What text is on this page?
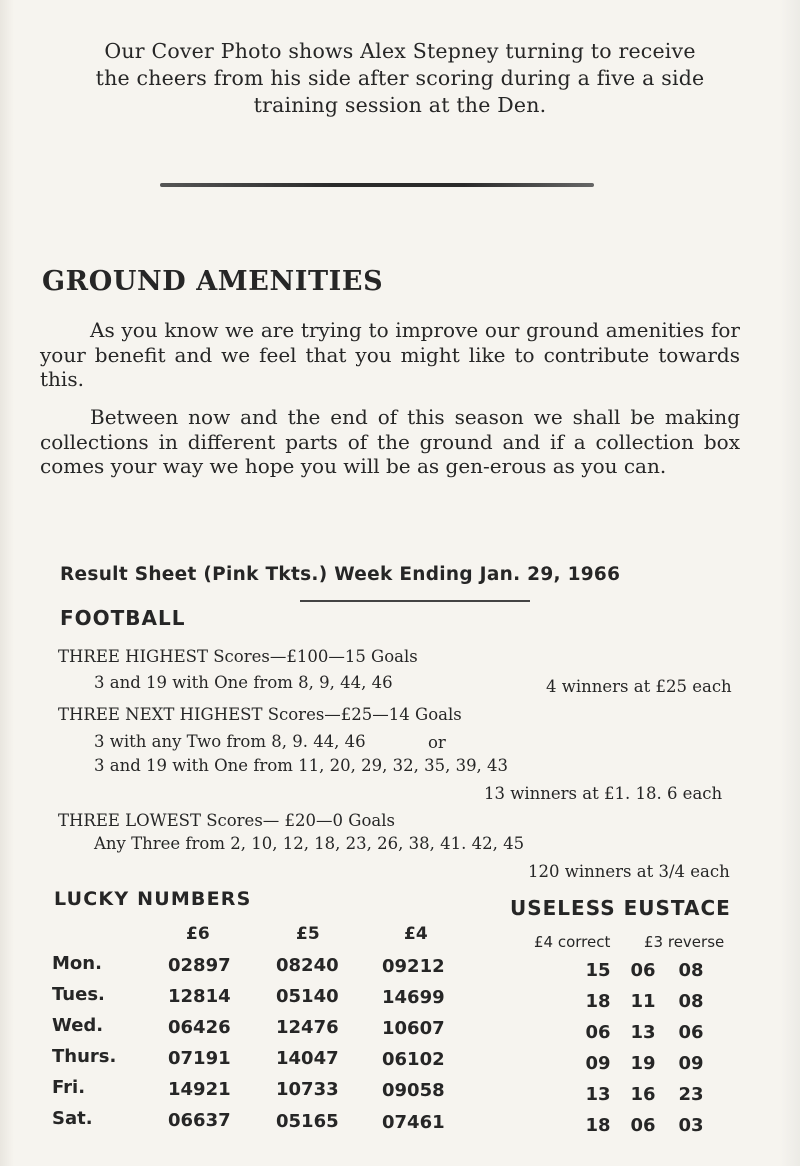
Our Cover Photo shows Alex Stepney turning to receive
the cheers from his side after scoring during a five a side
training session at the Den.
GROUND AMENITIES
As you know we are trying to improve our ground amenities for your benefit and we feel that you might like to contribute towards this.
Between now and the end of this season we shall be making collections in different parts of the ground and if a collection box comes your way we hope you will be as gen-erous as you can.
Result Sheet (Pink Tkts.) Week Ending Jan. 29, 1966
FOOTBALL
THREE HIGHEST Scores—£100—15 Goals
3 and 19 with One from 8, 9, 44, 46	4 winners at £25 each
THREE NEXT HIGHEST Scores—£25—14 Goals
3 with any Two from 8, 9. 44, 46	or
3 and 19 with One from 11, 20, 29, 32, 35, 39, 43
13 winners at £1. 18. 6 each
THREE LOWEST Scores— £20—0 Goals
Any Three from 2, 10, 12, 18, 23, 26, 38, 41. 42, 45
120 winners at 3/4 each
LUCKY NUMBERS
£6	£5	£4
Mon.	02897	08240 09212
Tues.	12814	05140 14699
Wed.	06426	12476 10607
Thurs.	07191	14047 06102
Fri.	14921	10733 09058
Sat.	06637	05165 07461
USELESS EUSTACE
£4 correct £3 reverse
15 06 08
18 11 08
06 13 06
09 19 09
13 16 23
18 06 03
